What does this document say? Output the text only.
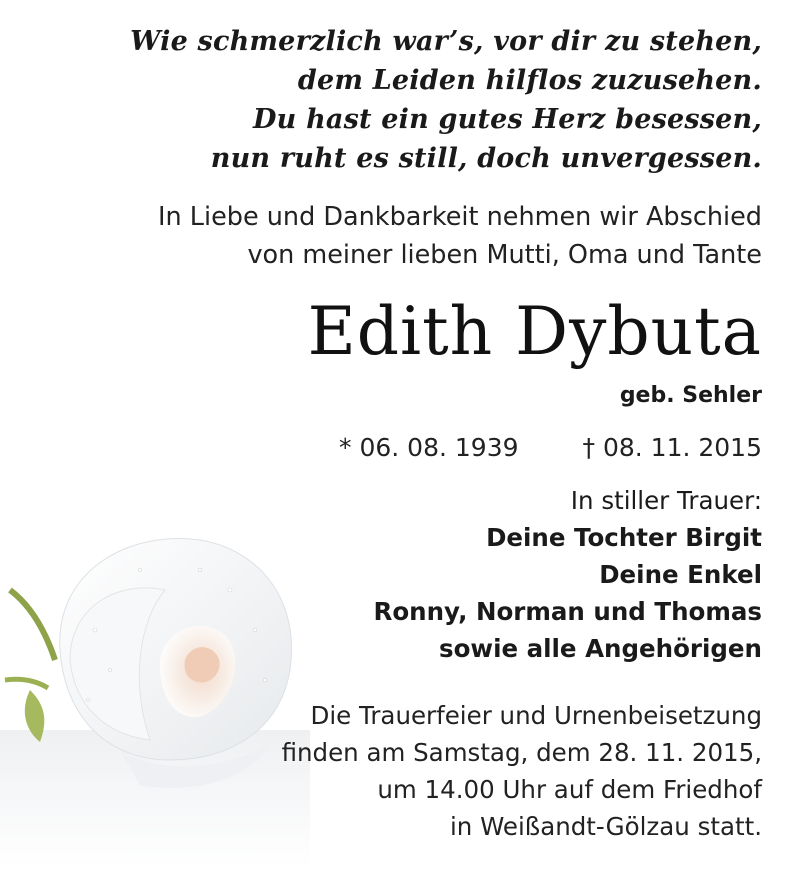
Wie schmerzlich war’s, vor dir zu stehen,
dem Leiden hilflos zuzusehen.
Du hast ein gutes Herz besessen,
nun ruht es still, doch unvergessen.
In Liebe und Dankbarkeit nehmen wir Abschied
von meiner lieben Mutti, Oma und Tante
Edith Dybuta
geb. Sehler
* 06. 08. 1939	† 08. 11. 2015
In stiller Trauer:
Deine Tochter Birgit
Deine Enkel
Ronny, Norman und Thomas
sowie alle Angehörigen
Die Trauerfeier und Urnenbeisetzung
finden am Samstag, dem 28. 11. 2015,
um 14.00 Uhr auf dem Friedhof
in Weißandt-Gölzau statt.
